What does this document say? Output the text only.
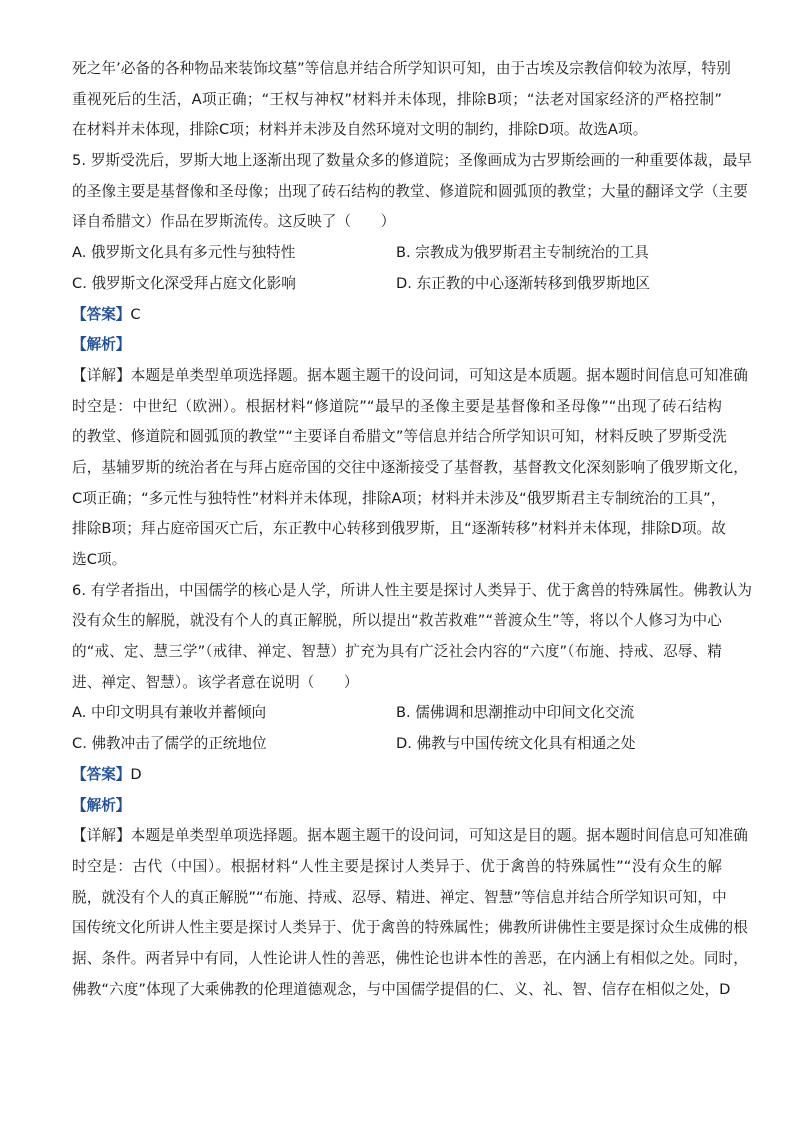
死之年’必备的各种物品来装饰坟墓”等信息并结合所学知识可知，由于古埃及宗教信仰较为浓厚，特别
重视死后的生活，A项正确；“王权与神权”材料并未体现，排除B项；“法老对国家经济的严格控制”
在材料并未体现，排除C项；材料并未涉及自然环境对文明的制约，排除D项。故选A项。
5. 罗斯受洗后，罗斯大地上逐渐出现了数量众多的修道院；圣像画成为古罗斯绘画的一种重要体裁，最早
的圣像主要是基督像和圣母像；出现了砖石结构的教堂、修道院和圆弧顶的教堂；大量的翻译文学（主要
译自希腊文）作品在罗斯流传。这反映了（　　）
A. 俄罗斯文化具有多元性与独特性	B. 宗教成为俄罗斯君主专制统治的工具
C. 俄罗斯文化深受拜占庭文化影响	D. 东正教的中心逐渐转移到俄罗斯地区
【答案】C
【解析】
【详解】本题是单类型单项选择题。据本题主题干的设问词，可知这是本质题。据本题时间信息可知准确
时空是：中世纪（欧洲）。根据材料“修道院”“最早的圣像主要是基督像和圣母像”“出现了砖石结构
的教堂、修道院和圆弧顶的教堂”“主要译自希腊文”等信息并结合所学知识可知，材料反映了罗斯受洗
后，基辅罗斯的统治者在与拜占庭帝国的交往中逐渐接受了基督教，基督教文化深刻影响了俄罗斯文化，
C项正确；“多元性与独特性”材料并未体现，排除A项；材料并未涉及“俄罗斯君主专制统治的工具”，
排除B项；拜占庭帝国灭亡后，东正教中心转移到俄罗斯，且“逐渐转移”材料并未体现，排除D项。故
选C项。
6. 有学者指出，中国儒学的核心是人学，所讲人性主要是探讨人类异于、优于禽兽的特殊属性。佛教认为
没有众生的解脱，就没有个人的真正解脱，所以提出“救苦救难”“普渡众生”等，将以个人修习为中心
的“戒、定、慧三学”（戒律、禅定、智慧）扩充为具有广泛社会内容的“六度”（布施、持戒、忍辱、精
进、禅定、智慧）。该学者意在说明（　　）
A. 中印文明具有兼收并蓄倾向	B. 儒佛调和思潮推动中印间文化交流
C. 佛教冲击了儒学的正统地位	D. 佛教与中国传统文化具有相通之处
【答案】D
【解析】
【详解】本题是单类型单项选择题。据本题主题干的设问词，可知这是目的题。据本题时间信息可知准确
时空是：古代（中国）。根据材料“人性主要是探讨人类异于、优于禽兽的特殊属性”“没有众生的解
脱，就没有个人的真正解脱”“布施、持戒、忍辱、精进、禅定、智慧”等信息并结合所学知识可知，中
国传统文化所讲人性主要是探讨人类异于、优于禽兽的特殊属性；佛教所讲佛性主要是探讨众生成佛的根
据、条件。两者异中有同，人性论讲人性的善恶，佛性论也讲本性的善恶，在内涵上有相似之处。同时，
佛教“六度”体现了大乘佛教的伦理道德观念，与中国儒学提倡的仁、义、礼、智、信存在相似之处，D
